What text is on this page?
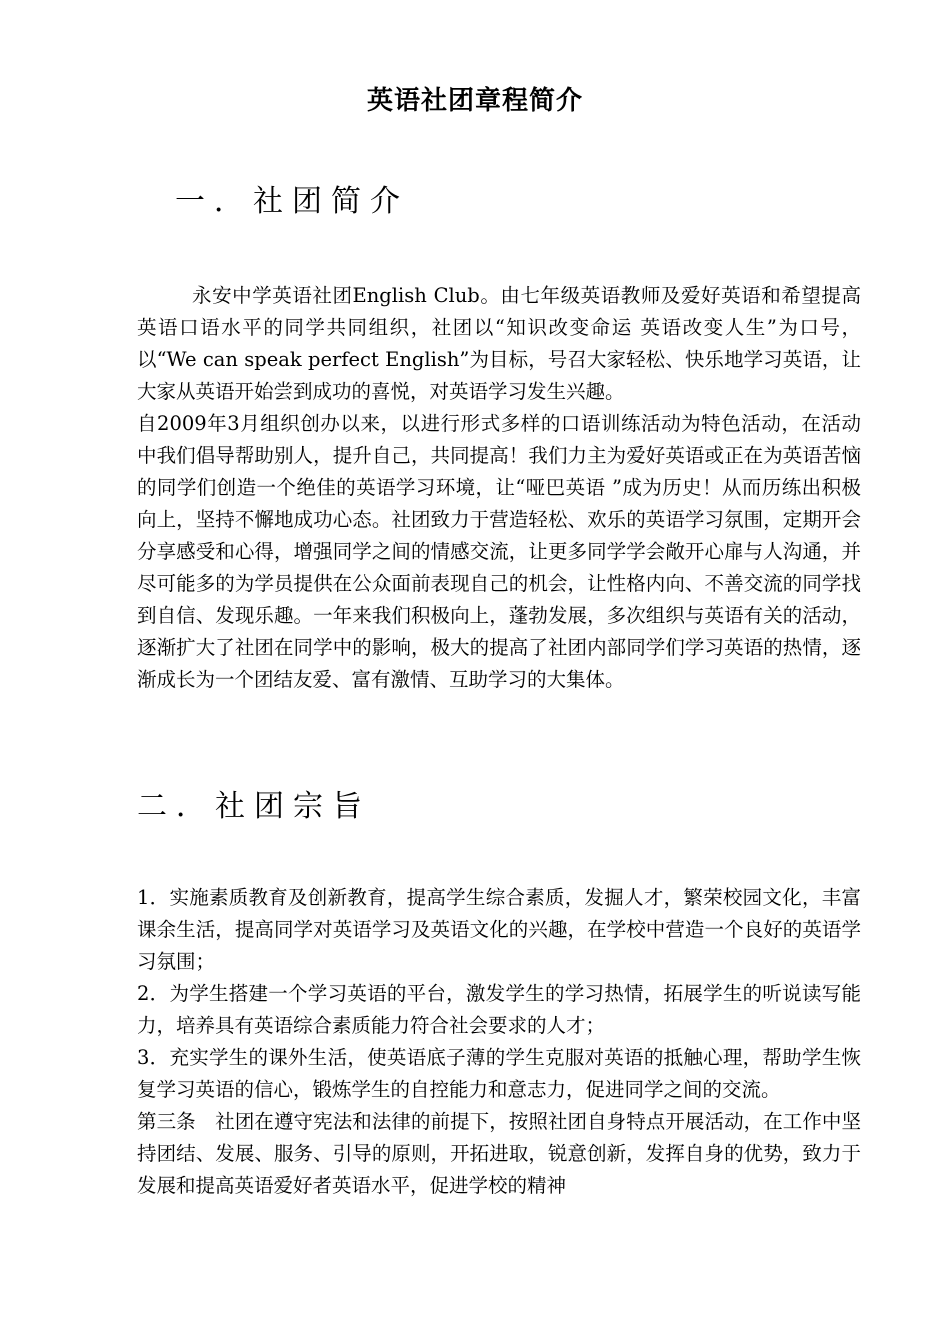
英语社团章程简介
一．社团简介

永安中学英语社团English Club。由七年级英语教师及爱好英语和希望提高英语口语水平的同学共同组织，社团以“知识改变命运 英语改变人生”为口号，以“We can speak perfect English”为目标，号召大家轻松、快乐地学习英语，让大家从英语开始尝到成功的喜悦，对英语学习发生兴趣。

自2009年3月组织创办以来，以进行形式多样的口语训练活动为特色活动，在活动中我们倡导帮助别人，提升自己，共同提高！我们力主为爱好英语或正在为英语苦恼的同学们创造一个绝佳的英语学习环境，让“哑巴英语 ”成为历史！从而历练出积极向上，坚持不懈地成功心态。社团致力于营造轻松、欢乐的英语学习氛围，定期开会分享感受和心得，增强同学之间的情感交流，让更多同学学会敞开心扉与人沟通，并尽可能多的为学员提供在公众面前表现自己的机会，让性格内向、不善交流的同学找到自信、发现乐趣。一年来我们积极向上，蓬勃发展，多次组织与英语有关的活动，逐渐扩大了社团在同学中的影响，极大的提高了社团内部同学们学习英语的热情，逐渐成长为一个团结友爱、富有激情、互助学习的大集体。

二．社团宗旨

1．实施素质教育及创新教育，提高学生综合素质，发掘人才，繁荣校园文化，丰富课余生活，提高同学对英语学习及英语文化的兴趣，在学校中营造一个良好的英语学习氛围；

2．为学生搭建一个学习英语的平台，激发学生的学习热情，拓展学生的听说读写能力，培养具有英语综合素质能力符合社会要求的人才；

3．充实学生的课外生活，使英语底子薄的学生克服对英语的抵触心理，帮助学生恢复学习英语的信心，锻炼学生的自控能力和意志力，促进同学之间的交流。

第三条　社团在遵守宪法和法律的前提下，按照社团自身特点开展活动，在工作中坚持团结、发展、服务、引导的原则，开拓进取，锐意创新，发挥自身的优势，致力于发展和提高英语爱好者英语水平，促进学校的精神
